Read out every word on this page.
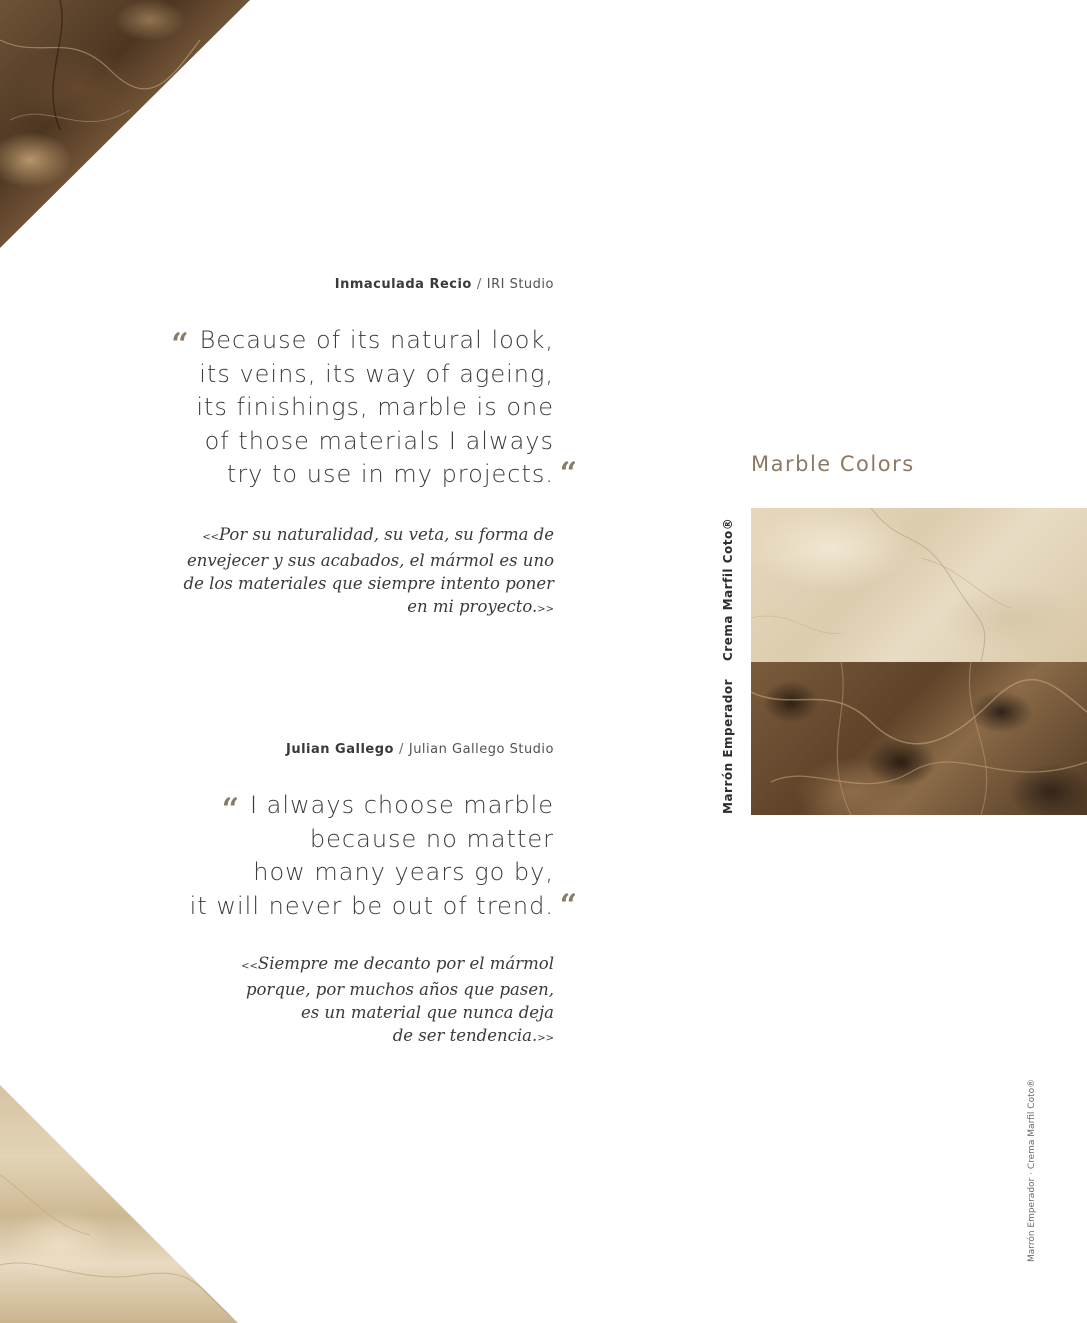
Inmaculada Recio / IRI Studio
“ Because of its natural look,
its veins, its way of ageing,
its finishings, marble is one
of those materials I always
try to use in my projects. “
<<Por su naturalidad, su veta, su forma de
envejecer y sus acabados, el mármol es uno
de los materiales que siempre intento poner
en mi proyecto.>>
Julian Gallego / Julian Gallego Studio
“ I always choose marble
because no matter
how many years go by,
it will never be out of trend. “
<<Siempre me decanto por el mármol
porque, por muchos años que pasen,
es un material que nunca deja
de ser tendencia.>>
Marble Colors
Crema Marfil Coto®
Marrón Emperador
Marrón Emperador · Crema Marfil Coto®
